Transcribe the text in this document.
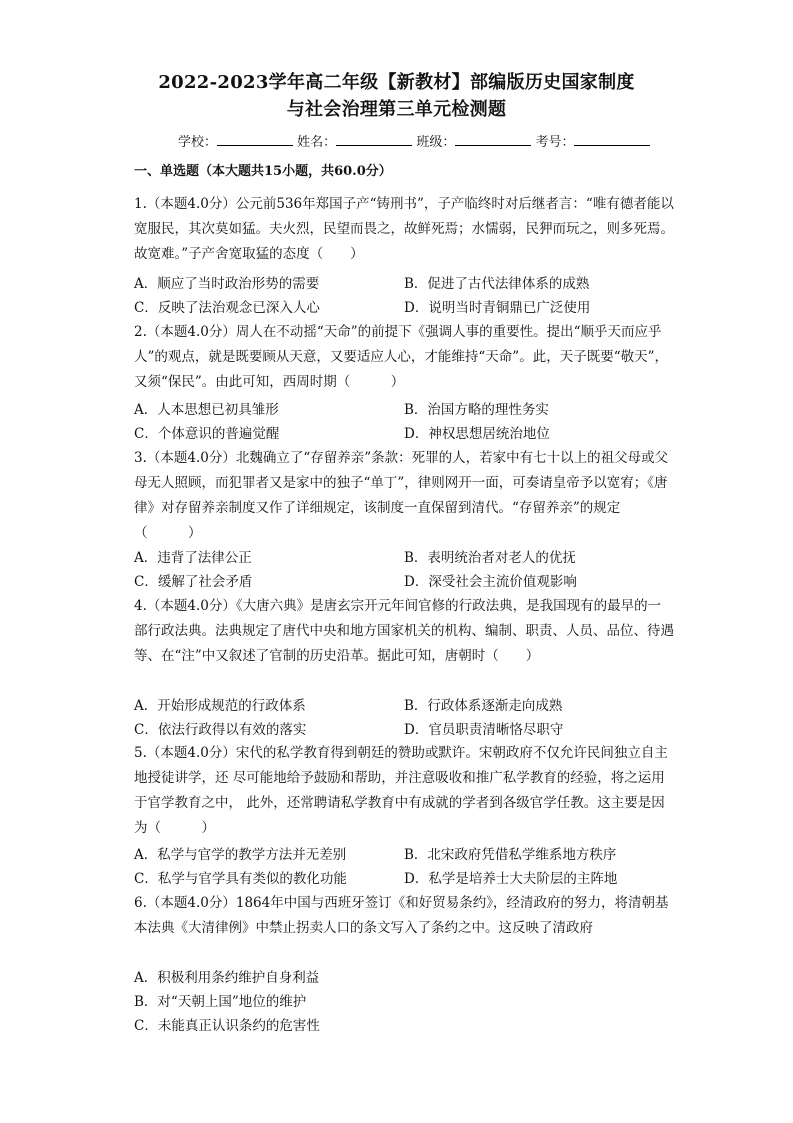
2022-2023学年高二年级【新教材】部编版历史国家制度
与社会治理第三单元检测题
学校：	姓名：	班级：	考号：
一、单选题（本大题共15小题，共60.0分）
1.（本题4.0分）公元前536年郑国子产“铸刑书”，子产临终时对后继者言：“唯有德者能以宽服民，其次莫如猛。夫火烈，民望而畏之，故鲜死焉；水懦弱，民狎而玩之，则多死焉。故宽难。”子产舍宽取猛的态度（　　）
A．顺应了当时政治形势的需要	B．促进了古代法律体系的成熟
C．反映了法治观念已深入人心	D．说明当时青铜鼎已广泛使用
2.（本题4.0分）周人在不动摇“天命”的前提下《强调人事的重要性。提出“顺乎天而应乎人”的观点，就是既要顾从天意，又要适应人心，才能维持“天命”。此，天子既要“敬天”，又须“保民”。由此可知，西周时期（　　　）
A．人本思想已初具雏形	B．治国方略的理性务实
C．个体意识的普遍觉醒	D．神权思想居统治地位
3.（本题4.0分）北魏确立了“存留养亲”条款：死罪的人，若家中有七十以上的祖父母或父母无人照顾，而犯罪者又是家中的独子“单丁”，律则网开一面，可奏请皇帝予以宽宥；《唐律》对存留养亲制度又作了详细规定，该制度一直保留到清代。“存留养亲”的规定（　　　）
A．违背了法律公正	B．表明统治者对老人的优抚
C．缓解了社会矛盾	D．深受社会主流价值观影响
4.（本题4.0分）《大唐六典》是唐玄宗开元年间官修的行政法典，是我国现有的最早的一部行政法典。法典规定了唐代中央和地方国家机关的机构、编制、职责、人员、品位、待遇等、在“注”中又叙述了官制的历史沿革。据此可知，唐朝时（　　）
A．开始形成规范的行政体系	B．行政体系逐渐走向成熟
C．依法行政得以有效的落实	D．官员职责清晰恪尽职守
5.（本题4.0分）宋代的私学教育得到朝廷的赞助或默许。宋朝政府不仅允许民间独立自主地授徒讲学，还 尽可能地给予鼓励和帮助，并注意吸收和推广私学教育的经验，将之运用于官学教育之中， 此外，还常聘请私学教育中有成就的学者到各级官学任教。这主要是因为（　　　）
A．私学与官学的教学方法并无差别	B．北宋政府凭借私学维系地方秩序
C．私学与官学具有类似的教化功能	D．私学是培养士大夫阶层的主阵地
6.（本题4.0分）1864年中国与西班牙签订《和好贸易条约》，经清政府的努力，将清朝基本法典《大清律例》中禁止拐卖人口的条文写入了条约之中。这反映了清政府
A．积极利用条约维护自身利益
B．对“天朝上国”地位的维护
C．未能真正认识条约的危害性
